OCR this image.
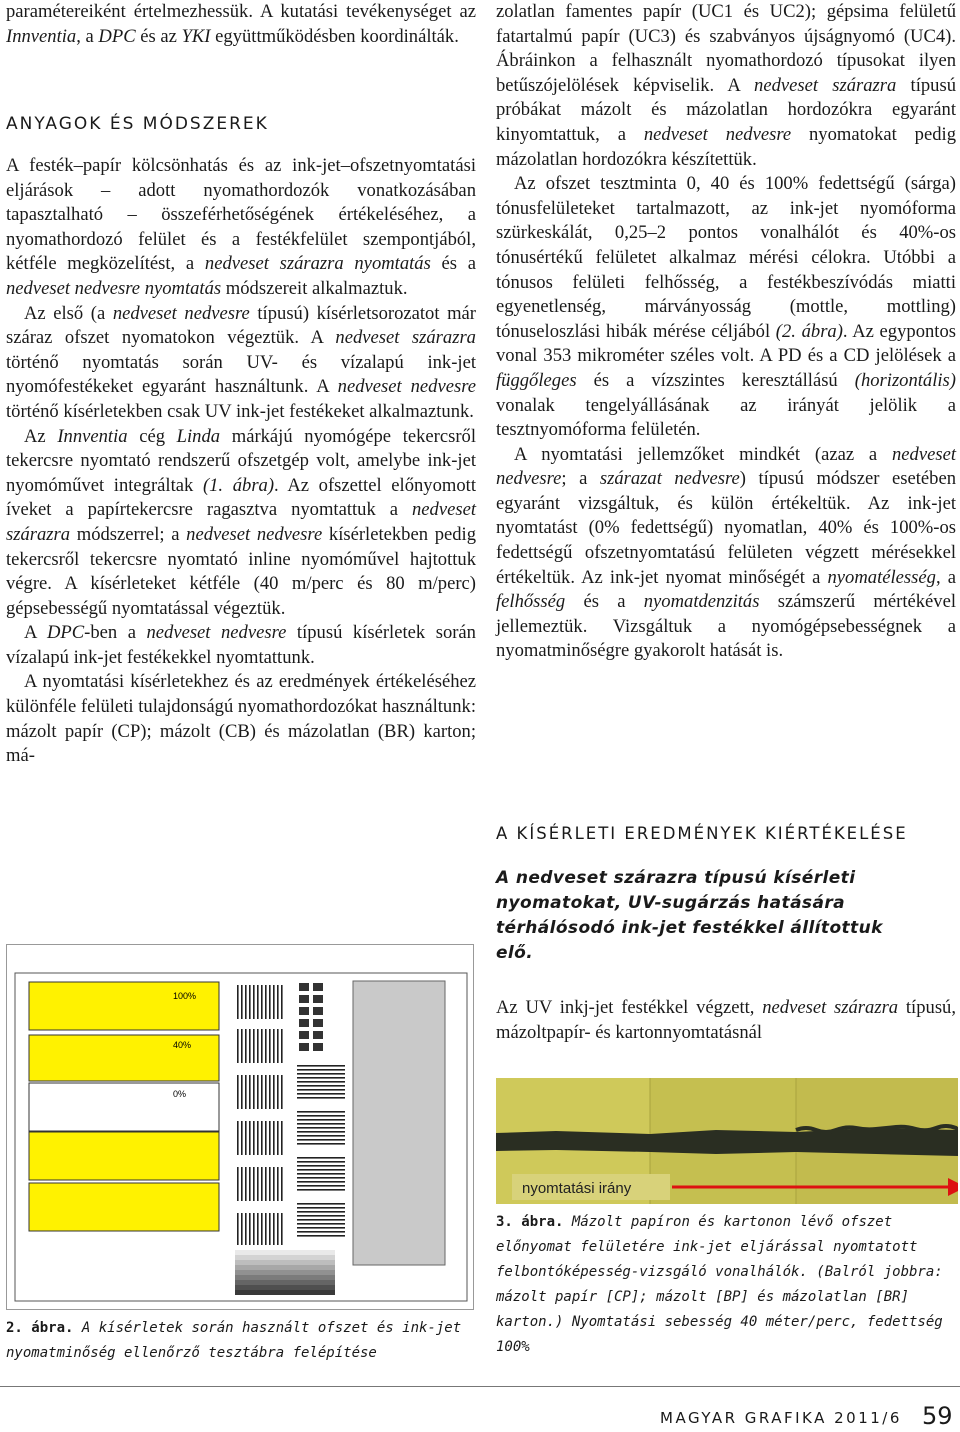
paramétereiként értelmezhessük. A kutatási tevékenységet az Innventia, a DPC és az YKI együttműködésben koordinálták.

ANYAGOK ÉS MÓDSZEREK

A festék–papír kölcsönhatás és az ink-jet–ofszetnyomtatási eljárások – adott nyomathordozók vonatkozásában tapasztalható – összeférhetőségének értékeléséhez, a nyomathordozó felület és a festékfelület szempontjából, kétféle megközelítést, a nedveset szárazra nyomtatás és a nedveset nedvesre nyomtatás módszereit alkalmaztuk.

Az első (a nedveset nedvesre típusú) kísérletsorozatot már száraz ofszet nyomatokon végeztük. A nedveset szárazra történő nyomtatás során UV- és vízalapú ink-jet nyomófestékeket egyaránt használtunk. A nedveset nedvesre történő kísérletekben csak UV ink-jet festékeket alkalmaztunk.

Az Innventia cég Linda márkájú nyomógépe tekercsről tekercsre nyomtató rendszerű ofszetgép volt, amelybe ink-jet nyomóművet integráltak (1. ábra). Az ofszettel előnyomott íveket a papírtekercsre ragasztva nyomtattuk a nedveset szárazra módszerrel; a nedveset nedvesre kísérletekben pedig tekercsről tekercsre nyomtató inline nyomóművel hajtottuk végre. A kísérleteket kétféle (40 m/perc és 80 m/perc) gépsebességű nyomtatással végeztük.

A DPC-ben a nedveset nedvesre típusú kísérletek során vízalapú ink-jet festékekkel nyomtattunk.

A nyomtatási kísérletekhez és az eredmények értékeléséhez különféle felületi tulajdonságú nyomathordozókat használtunk: mázolt papír (CP); mázolt (CB) és mázolatlan (BR) karton; má-

100%
40%
0%
2. ábra. A kísérletek során használt ofszet és ink-jet nyomatminőség ellenőrző tesztábra felépítése

zolatlan famentes papír (UC1 és UC2); gépsima felületű fatartalmú papír (UC3) és szabványos újságnyomó (UC4). Ábráinkon a felhasznált nyomathordozó típusokat ilyen betűszójelölések képviselik. A nedveset szárazra típusú próbákat mázolt és mázolatlan hordozókra egyaránt kinyomtattuk, a nedveset nedvesre nyomatokat pedig mázolatlan hordozókra készítettük.

Az ofszet tesztminta 0, 40 és 100% fedettségű (sárga) tónusfelületeket tartalmazott, az ink-jet nyomóforma szürkeskálát, 0,25–2 pontos vonalhálót és 40%-os tónusértékű felületet alkalmaz mérési célokra. Utóbbi a tónusos felületi felhősség, a festékbeszívódás miatti egyenetlenség, márványosság (mottle, mottling) tónuseloszlási hibák mérése céljából (2. ábra). Az egypontos vonal 353 mikrométer széles volt. A PD és a CD jelölések a függőleges és a vízszintes keresztállású (horizontális) vonalak tengelyállásának az irányát jelölik a tesztnyomóforma felületén.

A nyomtatási jellemzőket mindkét (azaz a nedveset nedvesre; a szárazat nedvesre) típusú módszer esetében egyaránt vizsgáltuk, és külön értékeltük. Az ink-jet nyomtatást (0% fedettségű) nyomatlan, 40% és 100%-os fedettségű ofszetnyomtatású felületen végzett mérésekkel értékeltük. Az ink-jet nyomat minőségét a nyomatélesség, a felhősség és a nyomatdenzitás számszerű mértékével jellemeztük. Vizsgáltuk a nyomógépsebességnek a nyomatminőségre gyakorolt hatását is.

A KÍSÉRLETI EREDMÉNYEK KIÉRTÉKELÉSE
A nedveset szárazra típusú kísérleti nyomatokat, UV-sugárzás hatására térhálósodó ink-jet festékkel állítottuk elő.

Az UV inkj-jet festékkel végzett, nedveset szárazra típusú, mázoltpapír- és kartonnyomtatásnál

nyomtatási irány
3. ábra. Mázolt papíron és kartonon lévő ofszet előnyomat felületére ink-jet eljárással nyomtatott felbontóképesség-vizsgáló vonalhálók. (Balról jobbra: mázolt papír [CP]; mázolt [BP] és mázolatlan [BR] karton.) Nyomtatási sebesség 40 méter/perc, fedettség 100%
MAGYAR GRAFIKA 2011/6 59
